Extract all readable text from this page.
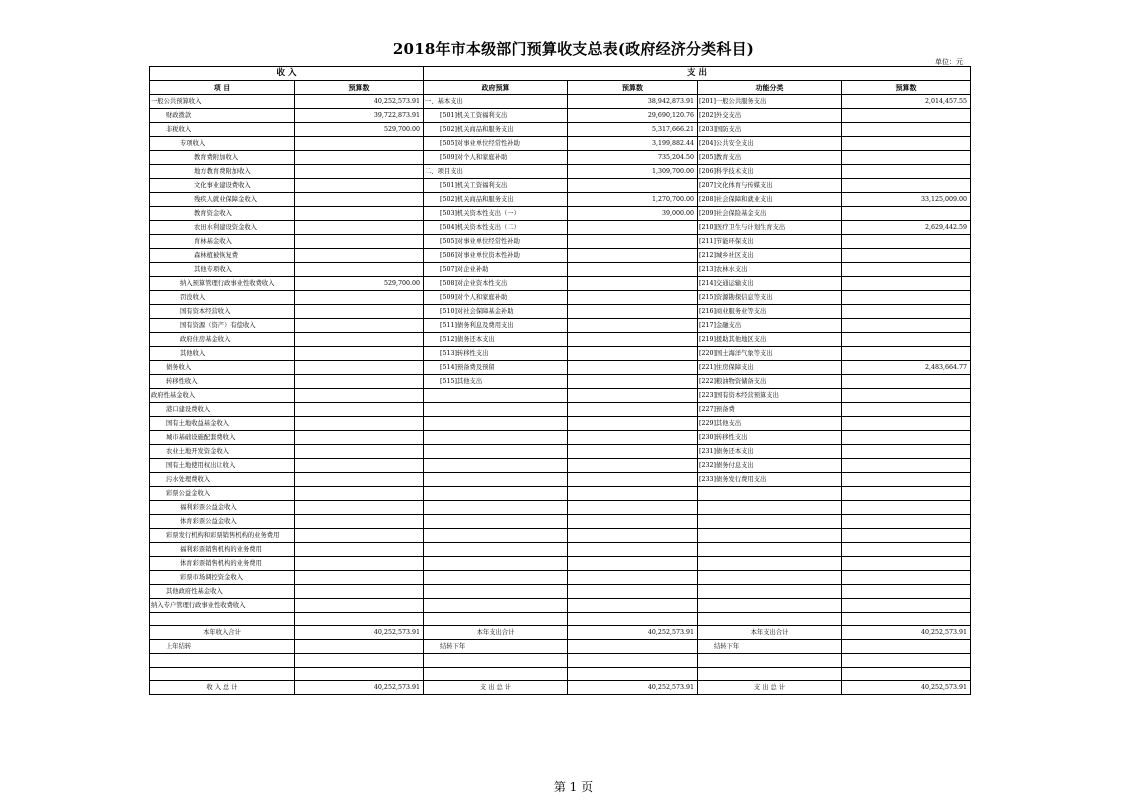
2018年市本级部门预算收支总表(政府经济分类科目)
单位：元
收 入		支 出			
项 目	预算数	政府预算	预算数	功能分类	预算数
一般公共预算收入	40,252,573.91	一、基本支出	38,942,873.91	[201]一般公共服务支出	2,014,457.55
财政拨款	39,722,873.91	[501]机关工资福利支出	29,690,120.76	[202]外交支出	
非税收入	529,700.00	[502]机关商品和服务支出	5,317,666.21	[203]国防支出	
专项收入		[505]对事业单位经常性补助	3,199,882.44	[204]公共安全支出	
教育费附加收入		[509]对个人和家庭补助	735,204.50	[205]教育支出	
地方教育费附加收入		二、项目支出	1,309,700.00	[206]科学技术支出	
文化事业建设费收入		[501]机关工资福利支出		[207]文化体育与传媒支出	
残疾人就业保障金收入		[502]机关商品和服务支出	1,270,700.00	[208]社会保障和就业支出	33,125,009.00
教育资金收入		[503]机关资本性支出（一）	39,000.00	[209]社会保险基金支出	
农田水利建设资金收入		[504]机关资本性支出（二）		[210]医疗卫生与计划生育支出	2,629,442.59
育林基金收入		[505]对事业单位经常性补助		[211]节能环保支出	
森林植被恢复费		[506]对事业单位资本性补助		[212]城乡社区支出	
其他专项收入		[507]对企业补助		[213]农林水支出	
纳入预算管理行政事业性收费收入	529,700.00	[508]对企业资本性支出		[214]交通运输支出	
罚没收入		[509]对个人和家庭补助		[215]资源勘探信息等支出	
国有资本经营收入		[510]对社会保障基金补助		[216]商业服务业等支出	
国有资源（资产）有偿收入		[511]债务利息及费用支出		[217]金融支出	
政府住房基金收入		[512]债务还本支出		[219]援助其他地区支出	
其他收入		[513]转移性支出		[220]国土海洋气象等支出	
债务收入		[514]预备费及预留		[221]住房保障支出	2,483,664.77
转移性收入		[515]其他支出		[222]粮油物资储备支出	
政府性基金收入				[223]国有资本经营预算支出	
港口建设费收入				[227]预备费	
国有土地收益基金收入				[229]其他支出	
城市基础设施配套费收入				[230]转移性支出	
农业土地开发资金收入				[231]债务还本支出	
国有土地使用权出让收入				[232]债务付息支出	
污水处理费收入				[233]债务发行费用支出	
彩票公益金收入					
福利彩票公益金收入					
体育彩票公益金收入					
彩票发行机构和彩票销售机构的业务费用					
福利彩票销售机构的业务费用					
体育彩票销售机构的业务费用					
彩票市场调控资金收入					
其他政府性基金收入					
纳入专户管理行政事业性收费收入					

本年收入合计	40,252,573.91	本年支出合计	40,252,573.91	本年支出合计	40,252,573.91
上年结转		结转下年		结转下年	

收 入 总 计	40,252,573.91	支 出 总 计	40,252,573.91	支 出 总 计	40,252,573.91
第 1 页
